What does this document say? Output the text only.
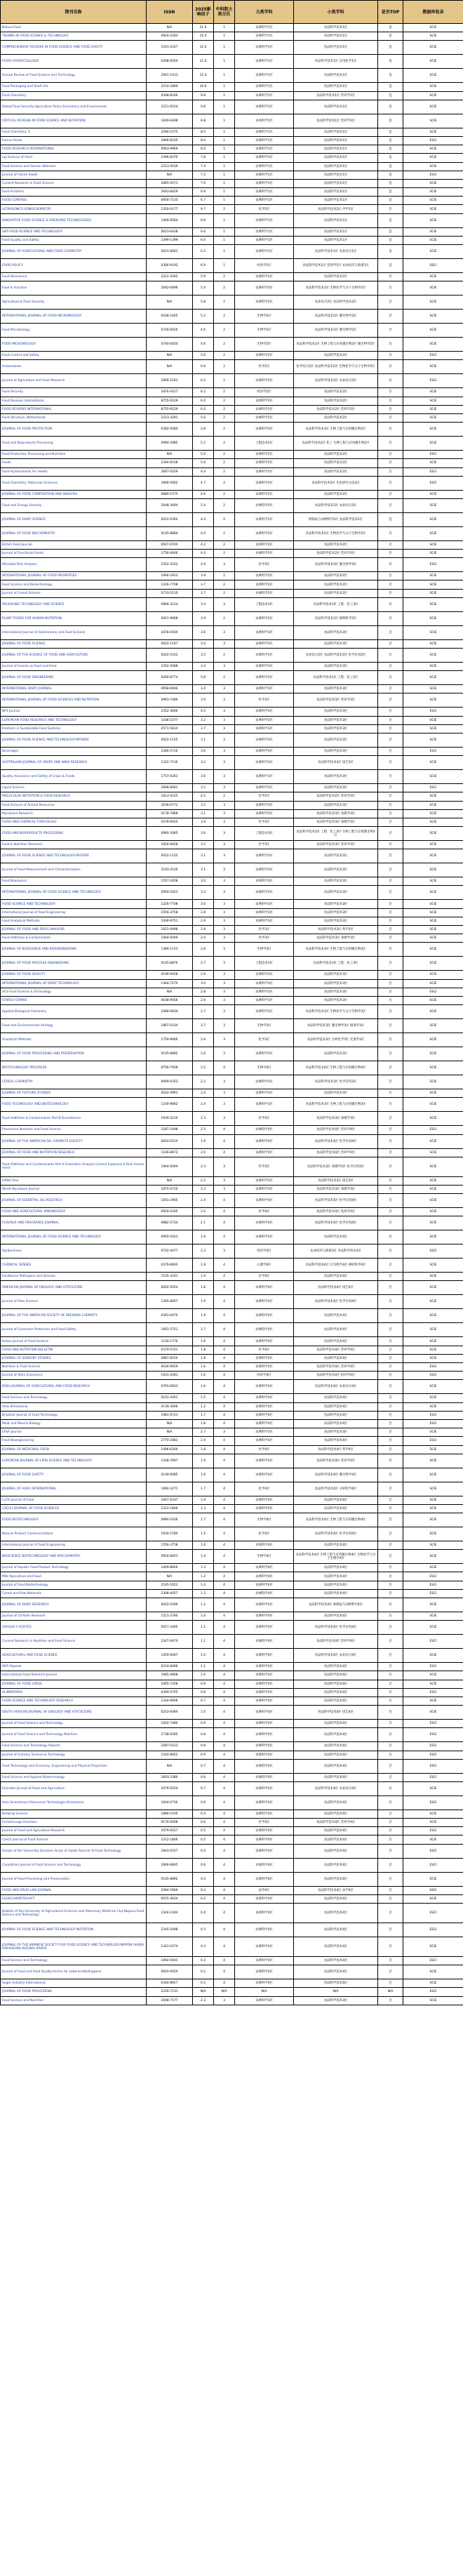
期刊名称	ISSN	2025影响因子	中科院大类分区	大类学科	小类学科	是否TOP	数据库收录
Nature Food	N/A	21.9	1	农林科学1区	食品科学技术1区	是	SCIE
TRENDS IN FOOD SCIENCE & TECHNOLOGY	0924-2244	15.4	1	农林科学1区	食品科学技术1区	是	SCIE
COMPREHENSIVE REVIEWS IN FOOD SCIENCE AND FOOD SAFETY	1541-4337	12.0	1	农林科学1区	食品科学技术1区	是	SCIE
FOOD HYDROCOLLOIDS	0268-005X	11.0	1	农林科学1区	食品科学技术1区 应用化学1区	是	SCIE
Annual Review of Food Science and Technology	1941-1413	12.4	1	农林科学1区	食品科学技术1区	是	SCIE
Food Packaging and Shelf Life	2214-2894	10.6	1	农林科学1区	食品科学技术1区	是	SCIE
Food Chemistry	0308-8146	9.8	1	农林科学1区	食品科学技术1区 营养学1区	是	SCIE
Global Food Security-Agriculture Policy Economics and Environment	2211-9124	9.6	1	农林科学1区	食品科学技术1区	是	SCIE
CRITICAL REVIEWS IN FOOD SCIENCE AND NUTRITION	1040-8398	8.8	1	农林科学1区	食品科学技术1区 营养学1区	是	SCIE
Food Chemistry: X	2590-1575	8.5	1	农林科学1区	食品科学技术1区	是	SCIE
Future Foods	2666-8335	8.0	1	农林科学1区	食品科学技术1区	是	ESCI
FOOD RESEARCH INTERNATIONAL	0963-9969	8.0	1	农林科学1区	食品科学技术1区	是	SCIE
npj Science of Food	2396-8370	7.8	1	农林科学1区	食品科学技术1区	是	SCIE
Food Science and Human Wellness	2213-4530	7.4	1	农林科学1区	食品科学技术1区	是	SCIE
Journal of Future Foods	N/A	7.2	1	农林科学1区	食品科学技术1区	是	ESCI
Current Research in Food Science	2665-9271	7.0	1	农林科学1区	食品科学技术1区	是	SCIE
Food Frontiers	2643-8429	6.9	1	农林科学1区	食品科学技术1区	是	SCIE
FOOD CONTROL	0956-7135	6.7	1	农林科学1区	食品科学技术1区	是	SCIE
ULTRASONICS SONOCHEMISTRY	1350-4177	9.7	2	化学2区	食品科学技术2区 声学1区	否	SCIE
INNOVATIVE FOOD SCIENCE & EMERGING TECHNOLOGIES	1466-8564	6.8	1	农林科学1区	食品科学技术1区	是	SCIE
LWT-FOOD SCIENCE AND TECHNOLOGY	0023-6438	6.6	1	农林科学1区	食品科学技术1区	是	SCIE
Food Quality and Safety	2399-1399	6.0	1	农林科学1区	食品科学技术1区	是	SCIE
JOURNAL OF AGRICULTURAL AND FOOD CHEMISTRY	0021-8561	6.2	1	农林科学1区	食品科学技术1区 农业综合1区	是	SCIE
FOOD POLICY	0306-9192	6.9	1	经济学1区	食品科学技术1区 营养学1区 农业经济与政策1区	是	SSCI
Food Bioscience	2212-4292	5.9	2	农林科学2区	食品科学技术2区	否	SCIE
Food & Function	2042-6496	5.4	2	农林科学2区	食品科学技术2区 生物化学与分子生物学2区	否	SCIE
Agriculture & Food Security	N/A	5.8	2	农林科学2区	农业综合2区 食品科学技术2区	否	SCIE
INTERNATIONAL JOURNAL OF FOOD MICROBIOLOGY	0168-1605	5.2	2	生物学2区	食品科学技术2区 微生物学2区	否	SCIE
Food Microbiology	0740-0020	4.6	2	生物学2区	食品科学技术2区 微生物学2区	否	SCIE
FOOD MICROBIOLOGY	0740-0020	4.6	2	生物学2区	食品科学技术2区 生物工程与应用微生物2区 微生物学2区	否	SCIE
Food Control and Safety	N/A	5.6	2	农林科学2区	食品科学技术2区	否	ESCI
Antioxidants	N/A	6.6	2	医学2区	化学综合2区 食品科学技术2区 生物化学与分子生物学2区	否	SCIE
Journal of Agriculture and Food Research	2666-1543	6.2	2	农林科学2区	食品科学技术2区 农业综合2区	否	ESCI
Food Security	1876-4517	6.2	2	经济学2区	食品科学技术2区	否	SCIE
Food Reviews International	8755-9129	6.0	2	农林科学2区	食品科学技术2区	否	SCIE
FOOD REVIEWS INTERNATIONAL	8755-9129	6.0	2	农林科学2区	食品科学技术2区 营养学2区	否	SCIE
Food Structure, Netherlands	2213-3291	5.6	2	农林科学2区	食品科学技术2区	否	SCIE
JOURNAL OF FOOD PROTECTION	0362-028X	2.8	2	农林科学3区	食品科学技术3区 生物工程与应用微生物2区	否	SCIE
Food and Bioproducts Processing	0960-3085	5.2	2	工程技术2区	食品科学技术2区 化工 生物工程与应用微生物2区	否	SCIE
Food Production Processing and Nutrition	N/A	5.0	2	农林科学2区	食品科学技术2区	否	ESCI
Foods	2304-8158	5.0	2	农林科学2区	食品科学技术2区	否	SCIE
Food Hydrocolloids for Health	2667-0259	4.4	2	农林科学2区	食品科学技术2区	否	ESCI
Food Chemistry: Molecular Sciences	2666-5662	4.7	2	农林科学2区	食品科学技术2区 生化研究方法2区	否	ESCI
JOURNAL OF FOOD COMPOSITION AND ANALYSIS	0889-1575	4.6	2	农林科学2区	食品科学技术2区	否	SCIE
Food and Energy Security	2048-3694	5.4	2	农林科学2区	食品科学技术2区 农业综合2区	否	SCIE
JOURNAL OF DAIRY SCIENCE	0022-0302	4.4	2	农林科学2区	奶制品与动物科学2区 食品科学技术2区	是	SCIE
JOURNAL OF FOOD BIOCHEMISTRY	0145-8884	4.0	2	农林科学2区	食品科学技术2区 生物化学与分子生物学2区	否	SCIE
British Food Journal	0007-070X	4.2	2	农林科学2区	食品科学技术2区	否	SCIE
Journal of Functional Foods	1756-4646	4.0	2	农林科学2区	食品科学技术2区 营养学2区	否	SCIE
Microbial Risk Analysis	2352-3522	4.9	3	医学3区	食品科学技术3区 微生物学3区	否	ESCI
INTERNATIONAL JOURNAL OF FOOD PROPERTIES	1094-2912	3.9	2	农林科学2区	食品科学技术2区	否	SCIE
Food Science and Biotechnology	1226-7708	3.7	2	农林科学2区	食品科学技术2区	否	SCIE
Journal of Cereal Science	0733-5210	3.7	2	农林科学2区	食品科学技术2区	否	SCIE
PACKAGING TECHNOLOGY AND SCIENCE	0894-3214	3.4	3	工程技术3区	食品科学技术3区 工程：化工3区	否	SCIE
PLANT FOODS FOR HUMAN NUTRITION	0921-9668	3.9	2	农林科学2区	食品科学技术2区 植物科学2区	否	SCIE
International Journal of Gastronomy and Food Science	1878-450X	3.6	3	农林科学3区	食品科学技术3区	否	SCIE
JOURNAL OF FOOD SCIENCE	0022-1147	3.4	3	农林科学3区	食品科学技术3区	否	SCIE
JOURNAL OF THE SCIENCE OF FOOD AND AGRICULTURE	0022-5142	3.5	2	农林科学2区	农业综合2区 食品科学技术2区 化学应用2区	否	SCIE
Journal of Insects as Food and Feed	2352-4588	3.3	3	农林科学3区	食品科学技术3区	否	SCIE
JOURNAL OF FOOD ENGINEERING	0260-8774	5.8	2	农林科学2区	食品科学技术2区 工程：化工2区	否	SCIE
INTERNATIONAL DAIRY JOURNAL	0958-6946	3.4	3	农林科学3区	食品科学技术3区	否	SCIE
INTERNATIONAL JOURNAL OF FOOD SCIENCES AND NUTRITION	0963-7486	3.9	3	医学3区	食品科学技术3区 营养学3区	否	SCIE
NFS Journal	2352-3646	4.5	3	农林科学3区	食品科学技术3区	否	ESCI
EUROPEAN FOOD RESEARCH AND TECHNOLOGY	1438-2377	3.2	3	农林科学3区	食品科学技术3区	否	SCIE
Frontiers in Sustainable Food Systems	2571-581X	3.7	3	农林科学3区	食品科学技术3区	否	SCIE
JOURNAL OF FOOD SCIENCE AND TECHNOLOGY-MYSORE	0022-1155	3.1	3	农林科学3区	食品科学技术3区	否	SCIE
Beverages	2306-5710	3.6	3	农林科学3区	食品科学技术3区	否	ESCI
AUSTRALIAN JOURNAL OF GRAPE AND WINE RESEARCH	1322-7130	3.2	3	农林科学3区	食品科学技术3区 园艺3区	否	SCIE
Quality Assurance and Safety of Crops & Foods	1757-8361	3.6	3	农林科学3区	食品科学技术3区	否	SCIE
Liquid Science	2666-8581	3.2	3	农林科学3区	食品科学技术3区	否	ESCI
MOLECULAR NUTRITION & FOOD RESEARCH	1613-4125	4.5	2	医学2区	食品科学技术2区 营养学2区	否	SCIE
Food Science of Animal Resources	2636-0772	3.5	3	农林科学3区	食品科学技术3区	否	SCIE
Mycotoxin Research	0178-7888	3.1	3	农林科学3区	食品科学技术3区 真菌学3区	否	SCIE
FOOD AND CHEMICAL TOXICOLOGY	0278-6915	3.9	3	医学3区	食品科学技术3区 毒理学3区	否	SCIE
FOOD AND BIOPRODUCTS PROCESSING	0960-3085	3.6	3	工程技术3区	食品科学技术3区 工程：化工3区 生物工程与应用微生物3区	否	SCIE
Food & Nutrition Research	1654-6628	3.5	3	医学3区	食品科学技术3区 营养学3区	否	SCIE
JOURNAL OF FOOD SCIENCE AND TECHNOLOGY-MYSORE	0022-1155	3.1	3	农林科学3区	食品科学技术3区	否	SCIE
Journal of Food Measurement and Characterization	2193-4126	3.1	3	农林科学3区	食品科学技术3区	否	SCIE
Food Biophysics	1557-1858	3.0	3	农林科学3区	食品科学技术3区	否	SCIE
INTERNATIONAL JOURNAL OF FOOD SCIENCE AND TECHNOLOGY	0950-5423	3.3	3	农林科学3区	食品科学技术3区	否	SCIE
FOOD SCIENCE AND TECHNOLOGY	1226-7708	3.0	3	农林科学3区	食品科学技术3区	否	SCIE
International Journal of Food Engineering	1556-3758	2.8	3	农林科学3区	食品科学技术3区	否	SCIE
Food Analytical Methods	1936-9751	2.9	3	农林科学3区	食品科学技术3区	否	SCIE
JOURNAL OF FOOD AND DRUG ANALYSIS	1021-9498	2.8	3	医学3区	食品科学技术3区 药学3区	否	SCIE
Food Additives & Contaminants	1944-0049	2.9	3	医学3区	食品科学技术3区 毒理学3区	否	SCIE
JOURNAL OF BIOSCIENCE AND BIOENGINEERING	1389-1723	2.8	3	生物学3区	食品科学技术3区 生物工程与应用微生物3区	否	SCIE
JOURNAL OF FOOD PROCESS ENGINEERING	0145-8876	2.7	3	工程技术3区	食品科学技术3区 工程：化工3区	否	SCIE
JOURNAL OF FOOD QUALITY	0146-9428	2.9	3	农林科学3区	食品科学技术3区	否	SCIE
INTERNATIONAL JOURNAL OF DAIRY TECHNOLOGY	1364-727X	3.0	3	农林科学3区	食品科学技术3区	否	SCIE
ACS Food Science & Technology	N/A	2.8	3	农林科学3区	食品科学技术3区	否	ESCI
STARCH-STARKE	0038-9056	2.6	3	农林科学3区	食品科学技术3区	否	SCIE
Applied Biological Chemistry	2468-0834	2.7	3	农林科学3区	食品科学技术3区 生物化学与分子生物学3区	否	SCIE
Food and Environmental Virology	1867-0334	3.7	3	生物学3区	食品科学技术3区 微生物学3区 病毒学3区	否	SCIE
Analytical Methods	1759-9660	2.6	3	化学3区	食品科学技术3区 分析化学3区 光谱学3区	否	SCIE
JOURNAL OF FOOD PROCESSING AND PRESERVATION	0145-8892	2.6	3	农林科学3区	食品科学技术3区	否	SCIE
BIOTECHNOLOGY PROGRESS	8756-7938	2.5	4	生物学4区	食品科学技术4区 生物工程与应用微生物4区	否	SCIE
CEREAL CHEMISTRY	0009-0352	2.2	3	农林科学3区	食品科学技术3区 化学应用3区	否	SCIE
JOURNAL OF TEXTURE STUDIES	0022-4901	2.4	3	农林科学3区	食品科学技术3区	否	SCIE
FOOD TECHNOLOGY AND BIOTECHNOLOGY	1330-9862	2.4	3	农林科学3区	食品科学技术3区 生物工程与应用微生物3区	否	SCIE
Food Additives & Contaminants Part B-Surveillance	1939-3210	2.3	3	医学3区	食品科学技术3区 毒理学3区	否	SCIE
Preventive Nutrition and Food Science	2287-1098	2.5	4	农林科学4区	食品科学技术4区 营养学4区	否	ESCI
JOURNAL OF THE AMERICAN OIL CHEMISTS SOCIETY	0003-021X	1.9	4	农林科学4区	食品科学技术4区 化学应用4区	否	SCIE
JOURNAL OF FOOD AND NUTRITION RESEARCH	1336-8672	2.0	4	农林科学4区	食品科学技术4区 营养学4区	否	SCIE
Food Additives and Contaminants Part A-Chemistry Analysis Control Exposure & Risk Assessment	1944-0049	2.3	3	医学3区	食品科学技术3区 毒理学3区 化学应用3区	否	SCIE
OENO One	N/A	2.2	3	农林科学3区	食品科学技术3区 园艺3区	否	SCIE
World Mycotoxin Journal	1875-0710	2.3	3	农林科学3区	食品科学技术3区 毒理学3区	否	SCIE
JOURNAL OF ESSENTIAL OIL RESEARCH	1041-2905	2.4	4	农林科学4区	食品科学技术4区 化学应用4区	否	SCIE
FOOD AND AGRICULTURAL IMMUNOLOGY	0954-0105	2.0	4	医学4区	食品科学技术4区 免疫学4区	否	SCIE
FLAVOUR AND FRAGRANCE JOURNAL	0882-5734	2.1	4	农林科学4区	食品科学技术4区 化学应用4区	否	SCIE
INTERNATIONAL JOURNAL OF FOOD SCIENCE AND TECHNOLOGY	0950-5423	1.9	4	农林科学4区	食品科学技术4区	否	SCIE
Agribusiness	0742-4477	2.3	3	经济学3区	农业经济与政策3区 食品科学技术3区	否	SSCI
CHEMICAL SENSES	0379-864X	1.9	4	心理学4区	食品科学技术4区 行为科学4区 神经科学4区	否	SCIE
Foodborne Pathogens and Disease	1535-3141	1.9	4	医学4区	食品科学技术4区	否	SCIE
AMERICAN JOURNAL OF ENOLOGY AND VITICULTURE	0002-9254	1.8	4	农林科学4区	食品科学技术4区 园艺4区	否	SCIE
Journal of Oleo Science	1345-8957	1.9	4	农林科学4区	食品科学技术4区 化学应用4区	否	SCIE
JOURNAL OF THE AMERICAN SOCIETY OF BREWING CHEMISTS	0361-0470	1.9	4	农林科学4区	食品科学技术4区	否	SCIE
Journal of Consumer Protection and Food Safety	1661-5751	1.7	4	农林科学4区	食品科学技术4区	否	SCIE
Italian Journal of Food Science	1120-1770	1.6	4	农林科学4区	食品科学技术4区	否	SCIE
FOOD AND NUTRITION BULLETIN	0379-5721	1.8	4	医学4区	食品科学技术4区 营养学4区	否	SCIE
JOURNAL OF SENSORY STUDIES	0887-8250	1.8	4	农林科学4区	食品科学技术4区	否	SCIE
Nutrition & Food Science	0034-6659	1.6	4	农林科学4区	食品科学技术4区 营养学4区	否	ESCI
Journal of Wine Economics	1931-4361	1.6	4	经济学4区	食品科学技术4区 经济学4区	否	SSCI
IRISH JOURNAL OF AGRICULTURAL AND FOOD RESEARCH	0791-6833	1.6	4	农林科学4区	食品科学技术4区 农业综合4区	否	SCIE
Food Science and Technology	0101-2061	1.5	4	农林科学4区	食品科学技术4区	否	SCIE
Acta Alimentaria	0139-3006	1.2	4	农林科学4区	食品科学技术4区	否	SCIE
Brazilian Journal of Food Technology	1981-6723	1.7	4	农林科学4区	食品科学技术4区	否	ESCI
Meat and Muscle Biology	N/A	1.8	4	农林科学4区	食品科学技术4区	否	ESCI
EFSA Journal	N/A	2.7	3	农林科学3区	食品科学技术3区	否	SCIE
Food Bioengineering	2770-2081	2.4	4	农林科学4区	食品科学技术4区	否	ESCI
JOURNAL OF MEDICINAL FOOD	1096-620X	1.8	4	医学4区	食品科学技术4区 药学4区	否	SCIE
EUROPEAN JOURNAL OF LIPID SCIENCE AND TECHNOLOGY	1438-7697	1.9	4	农林科学4区	食品科学技术4区 营养学4区	否	SCIE
JOURNAL OF FOOD SAFETY	0149-6085	1.9	4	农林科学4区	食品科学技术4区 微生物学4区	否	SCIE
JOURNAL OF AOAC INTERNATIONAL	1060-3271	1.7	4	化学4区	食品科学技术4区 分析化学4区	否	SCIE
CyTA-Journal of Food	1947-6337	1.9	4	农林科学4区	食品科学技术4区	否	SCIE
CZECH JOURNAL OF FOOD SCIENCES	1212-1800	1.3	4	农林科学4区	食品科学技术4区	否	SCIE
FOOD BIOTECHNOLOGY	0890-5436	1.7	4	生物学4区	食品科学技术4区 生物工程与应用微生物4区	否	SCIE
Natural Product Communications	1934-578X	1.5	4	化学4区	食品科学技术4区 化学应用4区	否	SCIE
International Journal of Food Engineering	1556-3758	1.6	4	农林科学4区	食品科学技术4区	否	SCIE
BIOSCIENCE BIOTECHNOLOGY AND BIOCHEMISTRY	0916-8451	1.4	4	生物学4区	食品科学技术4区 生物工程与应用微生物4区 生物化学与分子生物学4区	否	SCIE
Journal of Aquatic Food Product Technology	1049-8850	1.3	4	农林科学4区	食品科学技术4区	否	SCIE
Milk Agriculture and Food	N/A	1.2	4	农林科学4区	食品科学技术4区	否	ESCI
Journal of Food Biotechnology	2545-5052	1.4	4	农林科学4区	食品科学技术4区	否	ESCI
Cereal and Raw Materials	2308-4057	1.2	4	农林科学4区	食品科学技术4区	否	ESCI
JOURNAL OF DAIRY RESEARCH	0022-0299	1.2	4	农林科学4区	食品科学技术4区 奶制品与动物科学4区	否	SCIE
Journal of Oil Palm Research	1511-2780	1.0	4	农林科学4区	食品科学技术4区	否	SCIE
GRASAS Y ACEITES	0017-3495	1.1	4	农林科学4区	食品科学技术4区 化学应用4区	否	SCIE
Current Research in Nutrition and Food Science	2347-467X	1.1	4	农林科学4区	食品科学技术4区 营养学4区	否	ESCI
AGRICULTURAL AND FOOD SCIENCE	1459-6067	1.0	4	农林科学4区	食品科学技术4区 农业综合4区	否	SCIE
RIFA Reports	0210-8496	1.1	4	农林科学4区	食品科学技术4区	否	ESCI
International Food Research Journal	1985-4668	1.0	4	农林科学4区	食品科学技术4区	否	SCIE
JOURNAL OF FOOD LIPIDS	1065-7258	0.9	4	农林科学4区	食品科学技术4区	否	SCIE
ALIMENTARIA	0300-5755	0.8	4	农林科学4区	食品科学技术4区	否	ESCI
FOOD SCIENCE AND TECHNOLOGY RESEARCH	1344-6606	0.7	4	农林科学4区	食品科学技术4区	否	SCIE
SOUTH AFRICAN JOURNAL OF ENOLOGY AND VITICULTURE	0253-939X	1.0	4	农林科学4区	食品科学技术4区 园艺4区	否	SCIE
Journal of Food Science and Technology	1002-7480	0.9	4	农林科学4区	食品科学技术4区	否	ESCI
Journal of Food Science and Technology Nutrition	1738-6285	0.8	4	农林科学4区	食品科学技术4区	否	ESCI
Food Science and Technology Reports	2587-0122	0.8	4	农林科学4区	食品科学技术4区	否	ESCI
Journal of Culinary Science & Technology	1542-8052	0.9	4	农林科学4区	食品科学技术4区	否	ESCI
Food Technology and Economy, Engineering and Physical Properties	N/A	0.7	4	农林科学4区	食品科学技术4区	否	ESCI
Food Science and Applied Biotechnology	2603-3380	0.6	4	农林科学4区	食品科学技术4区	否	ESCI
Emirates Journal of Food and Agriculture	2079-052X	0.7	4	农林科学4区	食品科学技术4区 农业综合4区	否	SCIE
Acta Scientiarum Polonorum Technologia Alimentaria	1644-0730	0.6	4	农林科学4区	食品科学技术4区	否	ESCI
Brewing Science	1866-5195	0.4	4	农林科学4区	食品科学技术4区	否	SCIE
Ernaehrungs Umschau	0174-0008	0.6	4	医学4区	食品科学技术4区 营养学4区	否	SCIE
Journal of Food and Agriculture Research	2079-0527	0.5	4	农林科学4区	食品科学技术4区	否	ESCI
Czech Journal of Food Science	1212-1800	0.5	4	农林科学4区	食品科学技术4区	否	SCIE
Annals of the University Dunarea de Jos of Galati Fascicle VI-Food Technology	1843-5157	0.4	4	农林科学4区	食品科学技术4区	否	ESCI
Carpathian Journal of Food Science and Technology	2066-6845	0.6	4	农林科学4区	食品科学技术4区	否	ESCI
Journal of Food Processing and Preservation	0145-8892	0.4	4	农林科学4区	食品科学技术4区	否	SCIE
FOOD AND DRUG LAW JOURNAL	1064-590X	0.4	4	法学4区	食品科学技术4区 法学4区	否	SSCI
FLEISCHWIRTSCHAFT	0015-363X	0.2	4	农林科学4区	食品科学技术4区	否	SCIE
Bulletin of the University of Agricultural Sciences and Veterinary Medicine Cluj-Napoca-Food Science and Technology	2344-2344	0.4	4	农林科学4区	食品科学技术4区	否	ESCI
JOURNAL OF FOOD SCIENCE AND TECHNOLOGY NUTRITION	2345-5098	0.3	4	农林科学4区	食品科学技术4区	否	ESCI
JOURNAL OF THE JAPANESE SOCIETY FOR FOOD SCIENCE AND TECHNOLOGY-NIPPON SHOKUHIN KAGAKU KOGAKU KAISHI	1341-027X	0.3	4	农林科学4区	食品科学技术4区	否	SCIE
Food Science and Technology	1064-5001	0.3	4	农林科学4区	食品科学技术4区	否	ESCI
Journal of Food and Food Quality-Archiv fur Lebensmittelhygiene	0003-925X	0.2	4	农林科学4区	食品科学技术4区	否	SCIE
Sugar Industry International	0344-8657	0.2	4	农林科学4区	食品科学技术4区	否	SCIE
JOURNAL OF FOOD PROCESSING	2226-7131	N/A	N/A	N/A	N/A	N/A	ESCI
Food Science and Nutrition	2048-7177	2.3	3	农林科学3区	食品科学技术3区	否	SCIE
